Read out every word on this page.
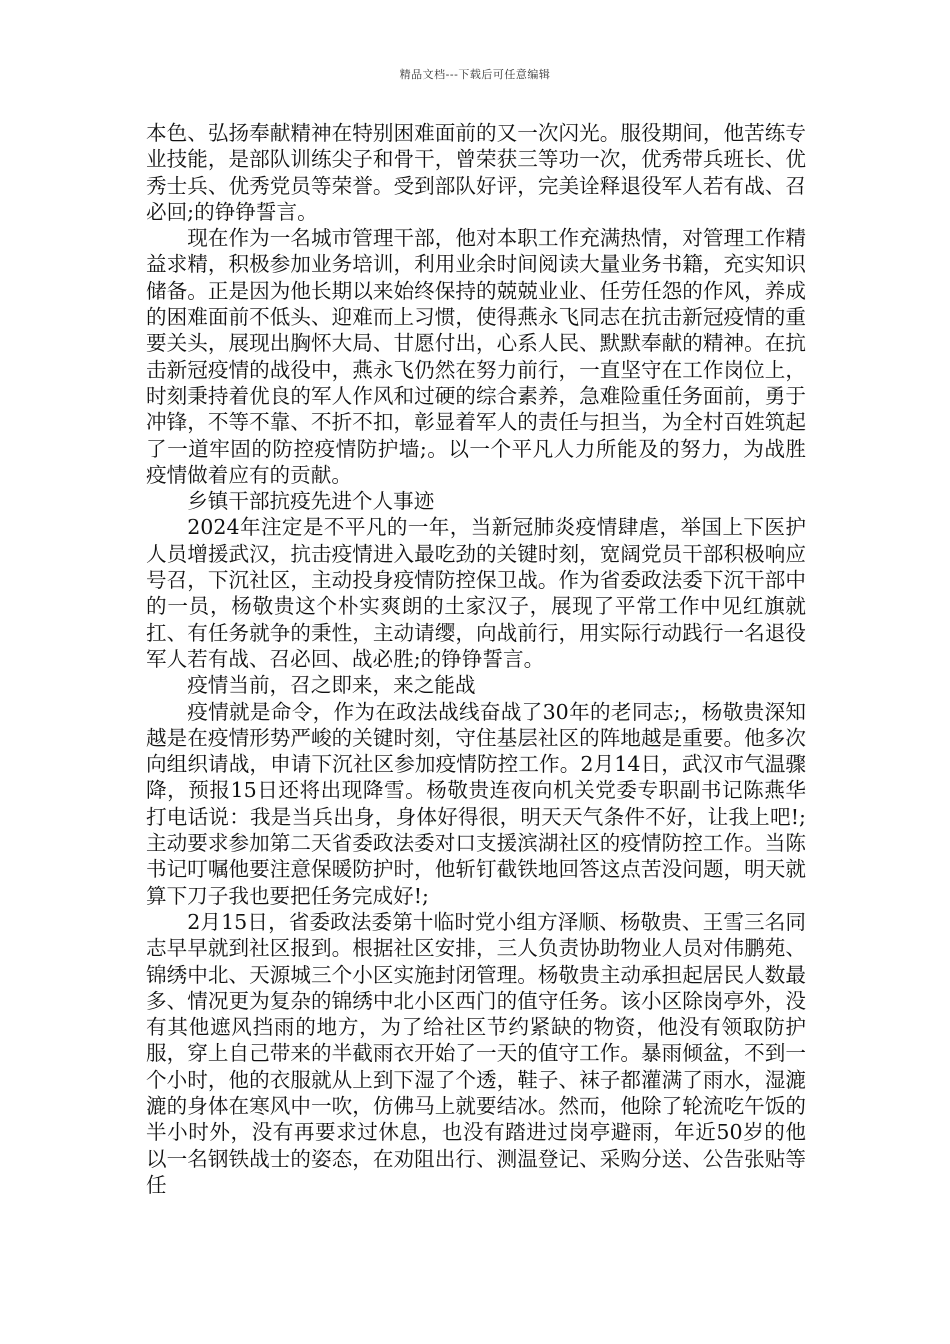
精品文档---下载后可任意编辑

本色、弘扬奉献精神在特别困难面前的又一次闪光。服役期间，他苦练专业技能，是部队训练尖子和骨干，曾荣获三等功一次，优秀带兵班长、优秀士兵、优秀党员等荣誉。受到部队好评，完美诠释退役军人若有战、召必回;的铮铮誓言。

现在作为一名城市管理干部，他对本职工作充满热情，对管理工作精益求精，积极参加业务培训，利用业余时间阅读大量业务书籍，充实知识储备。正是因为他长期以来始终保持的兢兢业业、任劳任怨的作风，养成的困难面前不低头、迎难而上习惯，使得燕永飞同志在抗击新冠疫情的重要关头，展现出胸怀大局、甘愿付出，心系人民、默默奉献的精神。在抗击新冠疫情的战役中，燕永飞仍然在努力前行，一直坚守在工作岗位上，时刻秉持着优良的军人作风和过硬的综合素养，急难险重任务面前，勇于冲锋，不等不靠、不折不扣，彰显着军人的责任与担当，为全村百姓筑起了一道牢固的防控疫情防护墙;。以一个平凡人力所能及的努力，为战胜疫情做着应有的贡献。

乡镇干部抗疫先进个人事迹

2024年注定是不平凡的一年，当新冠肺炎疫情肆虐，举国上下医护人员增援武汉，抗击疫情进入最吃劲的关键时刻，宽阔党员干部积极响应号召，下沉社区，主动投身疫情防控保卫战。作为省委政法委下沉干部中的一员，杨敬贵这个朴实爽朗的土家汉子，展现了平常工作中见红旗就扛、有任务就争的秉性，主动请缨，向战前行，用实际行动践行一名退役军人若有战、召必回、战必胜;的铮铮誓言。

疫情当前，召之即来，来之能战

疫情就是命令，作为在政法战线奋战了30年的老同志;，杨敬贵深知越是在疫情形势严峻的关键时刻，守住基层社区的阵地越是重要。他多次向组织请战，申请下沉社区参加疫情防控工作。2月14日，武汉市气温骤降，预报15日还将出现降雪。杨敬贵连夜向机关党委专职副书记陈燕华打电话说：我是当兵出身，身体好得很，明天天气条件不好，让我上吧!;主动要求参加第二天省委政法委对口支援滨湖社区的疫情防控工作。当陈书记叮嘱他要注意保暖防护时，他斩钉截铁地回答这点苦没问题，明天就算下刀子我也要把任务完成好!;

2月15日，省委政法委第十临时党小组方泽顺、杨敬贵、王雪三名同志早早就到社区报到。根据社区安排，三人负责协助物业人员对伟鹏苑、锦绣中北、天源城三个小区实施封闭管理。杨敬贵主动承担起居民人数最多、情况更为复杂的锦绣中北小区西门的值守任务。该小区除岗亭外，没有其他遮风挡雨的地方，为了给社区节约紧缺的物资，他没有领取防护服，穿上自己带来的半截雨衣开始了一天的值守工作。暴雨倾盆，不到一个小时，他的衣服就从上到下湿了个透，鞋子、袜子都灌满了雨水，湿漉漉的身体在寒风中一吹，仿佛马上就要结冰。然而，他除了轮流吃午饭的半小时外，没有再要求过休息，也没有踏进过岗亭避雨，年近50岁的他以一名钢铁战士的姿态，在劝阻出行、测温登记、采购分送、公告张贴等任
